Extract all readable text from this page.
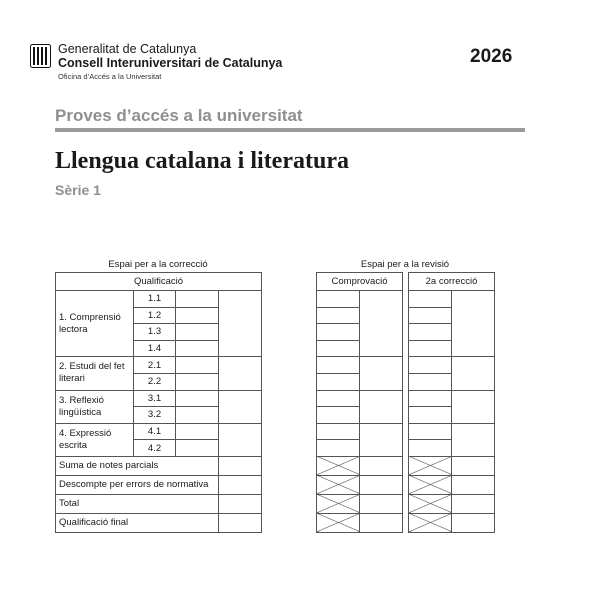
Generalitat de Catalunya
Consell Interuniversitari de Catalunya
Oficina d’Accés a la Universitat
2026
Proves d’accés a la universitat
Llengua catalana i literatura
Sèrie 1
Espai per a la correcció
Qualificació			
1. Comprensió lectora	1.1		
	1.2		
	1.3		
	1.4		
2. Estudi del fet literari	2.1		
	2.2		
3. Reflexió lingüística	3.1		
	3.2		
4. Expressió escrita	4.1		
	4.2		
Suma de notes parcials			
Descompte per errors de normativa			
Total			
Qualificació final			
Espai per a la revisió
Comprovació	

		2a correcció	
